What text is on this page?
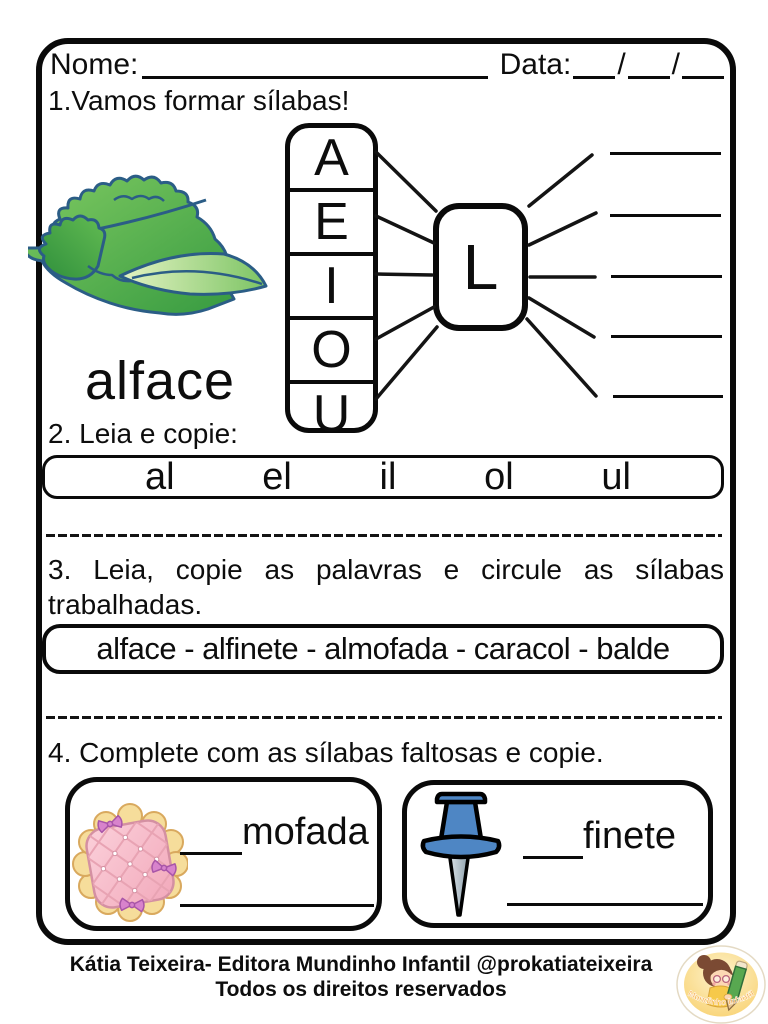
Nome:	Data: / /
1.Vamos formar sílabas!
alface
A
E
I
O
U
L
2. Leia e copie:
al el il ol ul
3. Leia, copie as palavras e circule as sílabas
trabalhadas.
alface - alfinete - almofada - caracol - balde
4. Complete com as sílabas faltosas e copie.
mofada	finete
Kátia Teixeira- Editora Mundinho Infantil @prokatiateixeira
Todos os direitos reservados	Mundinho Infantil
